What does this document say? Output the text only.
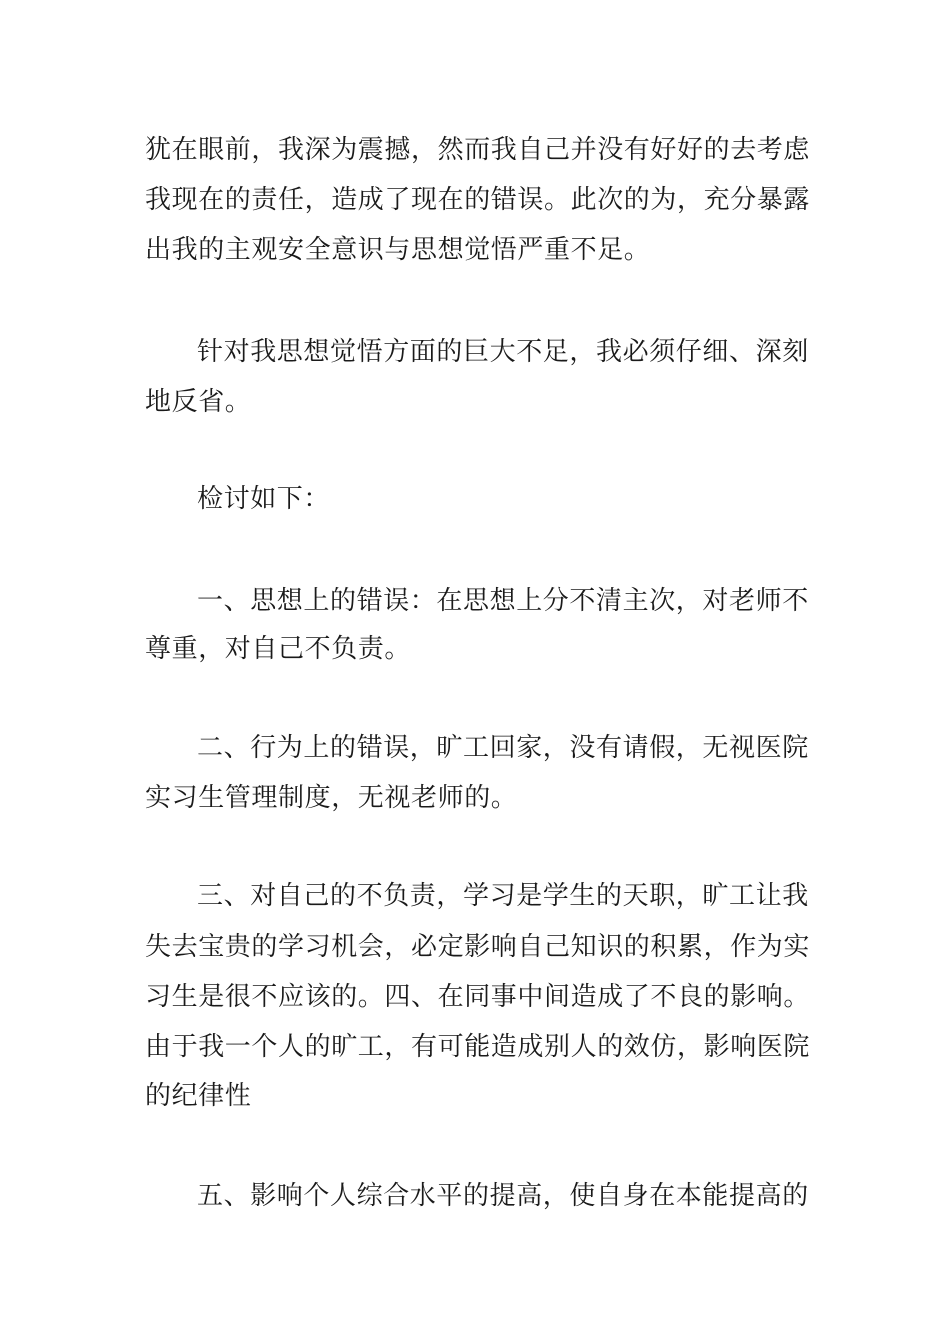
犹在眼前，我深为震撼，然而我自己并没有好好的去考虑
我现在的责任，造成了现在的错误。此次的为，充分暴露
出我的主观安全意识与思想觉悟严重不足。
针对我思想觉悟方面的巨大不足，我必须仔细、深刻
地反省。
检讨如下：
一、思想上的错误：在思想上分不清主次，对老师不
尊重，对自己不负责。
二、行为上的错误，旷工回家，没有请假，无视医院
实习生管理制度，无视老师的。
三、对自己的不负责，学习是学生的天职，旷工让我
失去宝贵的学习机会，必定影响自己知识的积累，作为实
习生是很不应该的。四、在同事中间造成了不良的影响。
由于我一个人的旷工，有可能造成别人的效仿，影响医院
的纪律性
五、影响个人综合水平的提高，使自身在本能提高的
